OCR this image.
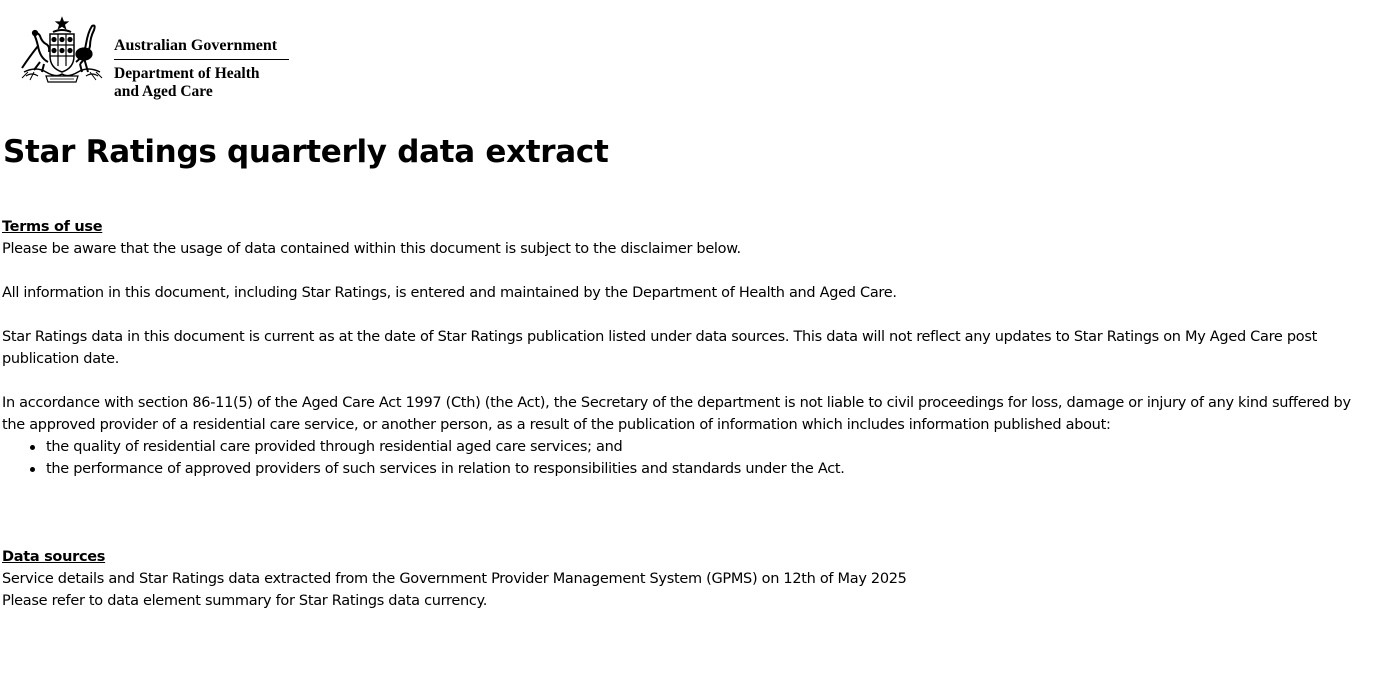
Australian Government
Department of Health
and Aged Care
Star Ratings quarterly data extract

Terms of use

Please be aware that the usage of data contained within this document is subject to the disclaimer below.

All information in this document, including Star Ratings, is entered and maintained by the Department of Health and Aged Care.

Star Ratings data in this document is current as at the date of Star Ratings publication listed under data sources. This data will not reflect any updates to Star Ratings on My Aged Care post publication date.

In accordance with section 86-11(5) of the Aged Care Act 1997 (Cth) (the Act), the Secretary of the department is not liable to civil proceedings for loss, damage or injury of any kind suffered by the approved provider of a residential care service, or another person, as a result of the publication of information which includes information published about:

the quality of residential care provided through residential aged care services; and
the performance of approved providers of such services in relation to responsibilities and standards under the Act.

Data sources

Service details and Star Ratings data extracted from the Government Provider Management System (GPMS) on 12th of May 2025

Please refer to data element summary for Star Ratings data currency.
